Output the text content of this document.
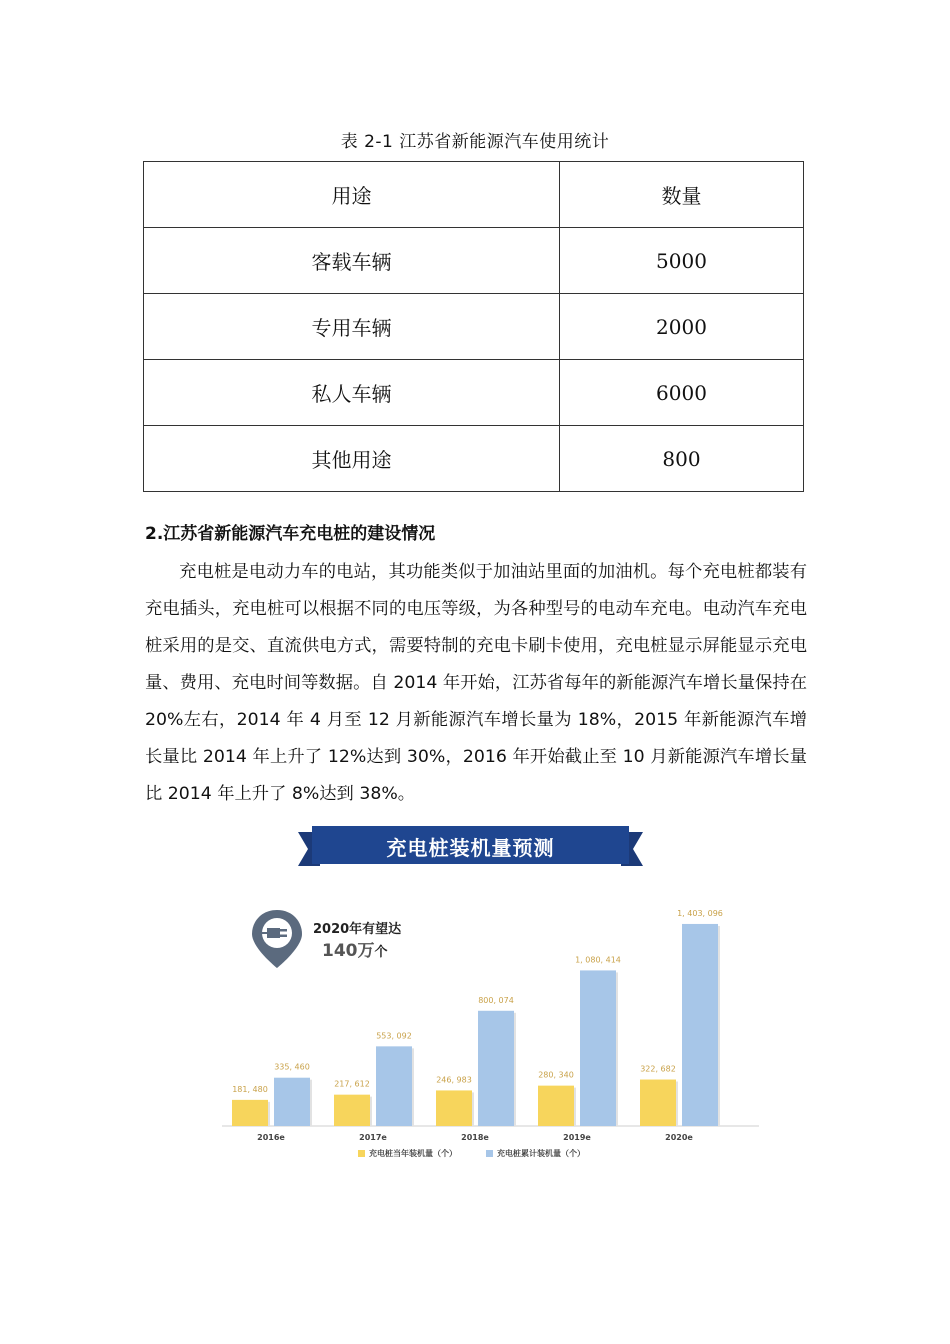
表 2-1 江苏省新能源汽车使用统计
用途	数量
客载车辆	5000
专用车辆	2000
私人车辆	6000
其他用途	800
2.江苏省新能源汽车充电桩的建设情况
充电桩是电动力车的电站，其功能类似于加油站里面的加油机。每个充电桩都装有充电插头，充电桩可以根据不同的电压等级，为各种型号的电动车充电。电动汽车充电桩采用的是交、直流供电方式，需要特制的充电卡刷卡使用，充电桩显示屏能显示充电量、费用、充电时间等数据。自 2014 年开始，江苏省每年的新能源汽车增长量保持在 20%左右，2014 年 4 月至 12 月新能源汽车增长量为 18%，2015 年新能源汽车增长量比 2014 年上升了 12%达到 30%，2016 年开始截止至 10 月新能源汽车增长量比 2014 年上升了 8%达到 38%。
充电桩装机量预测
2020年有望达
140万个
181, 480
335, 460
2016e
217, 612
553, 092
2017e
246, 983
800, 074
2018e
280, 340
1, 080, 414
2019e
322, 682
1, 403, 096
2020e
充电桩当年装机量（个）	充电桩累计装机量（个）
